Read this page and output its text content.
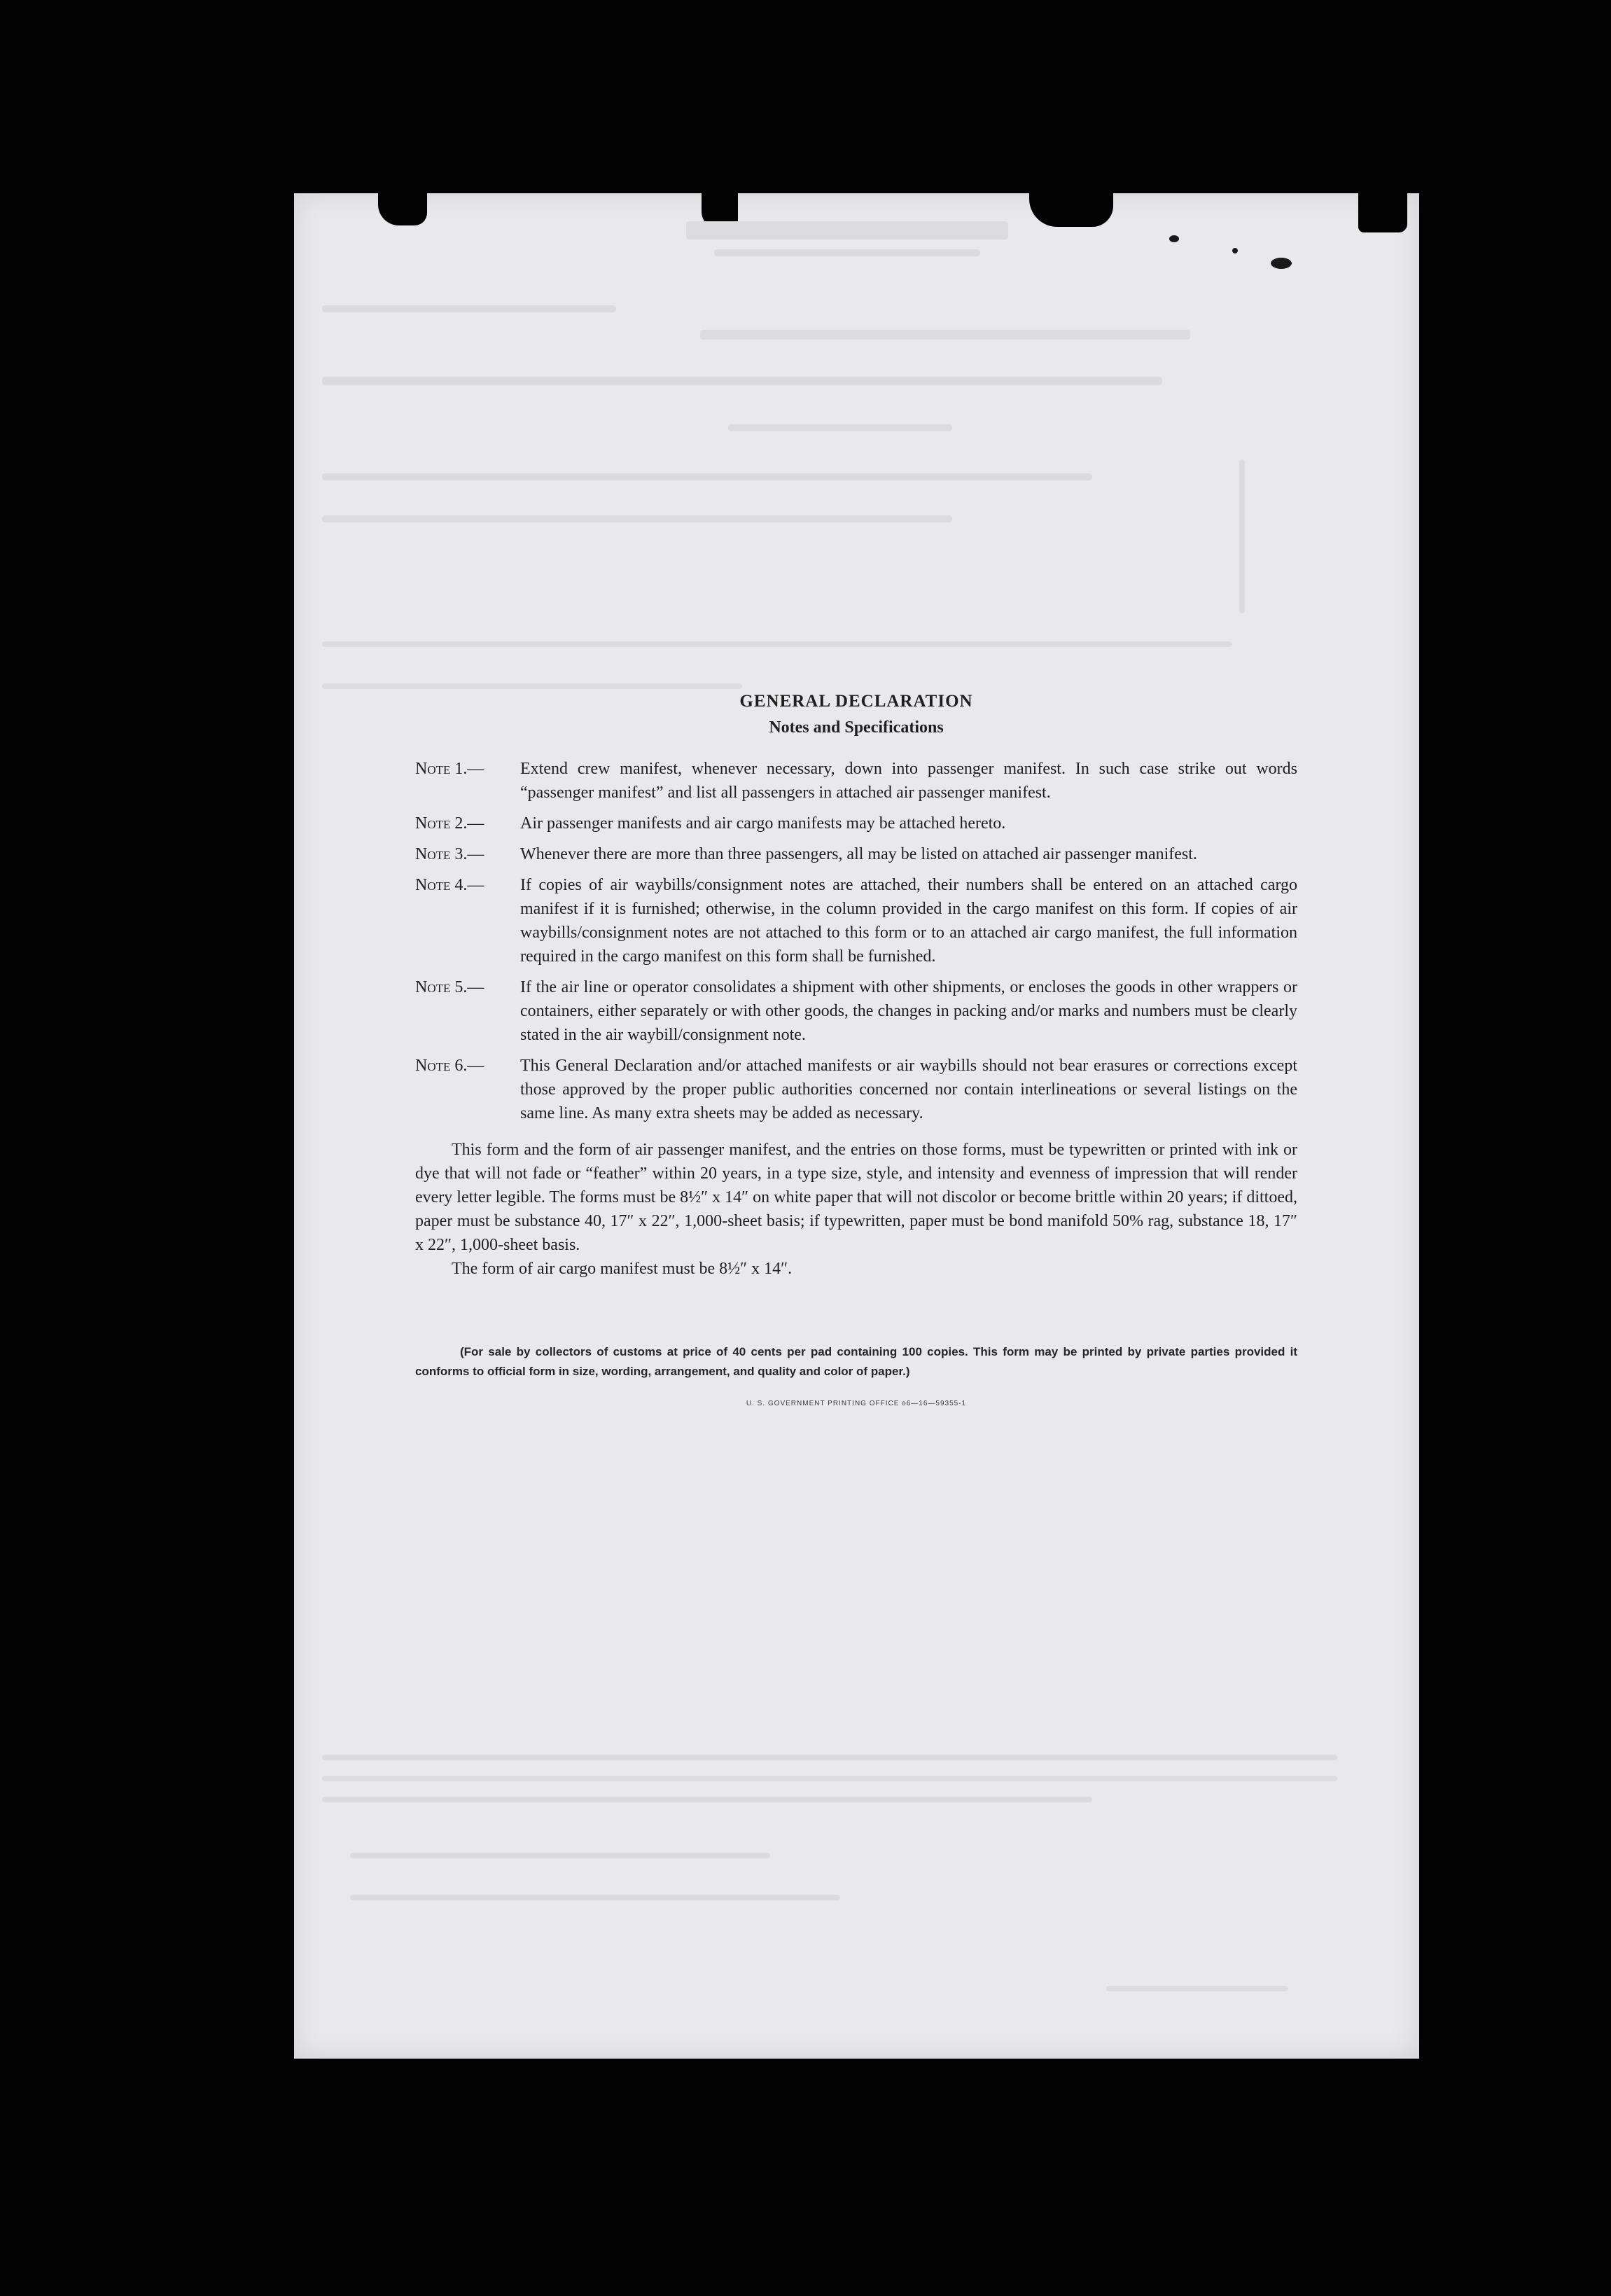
GENERAL DECLARATION
Notes and Specifications
Note 1.—	Extend crew manifest, whenever necessary, down into passenger manifest. In such case strike out words “passenger manifest” and list all passengers in attached air passenger manifest.
Note 2.—	Air passenger manifests and air cargo manifests may be attached hereto.
Note 3.—	Whenever there are more than three passengers, all may be listed on attached air passenger manifest.
Note 4.—	If copies of air waybills/consignment notes are attached, their numbers shall be entered on an attached cargo manifest if it is furnished; otherwise, in the column provided in the cargo manifest on this form. If copies of air waybills/consignment notes are not attached to this form or to an attached air cargo manifest, the full information required in the cargo manifest on this form shall be furnished.
Note 5.—	If the air line or operator consolidates a shipment with other shipments, or encloses the goods in other wrappers or containers, either separately or with other goods, the changes in packing and/or marks and numbers must be clearly stated in the air waybill/consignment note.
Note 6.—	This General Declaration and/or attached manifests or air waybills should not bear erasures or corrections except those approved by the proper public authorities concerned nor contain interlineations or several listings on the same line. As many extra sheets may be added as necessary.

This form and the form of air passenger manifest, and the entries on those forms, must be typewritten or printed with ink or dye that will not fade or “feather” within 20 years, in a type size, style, and intensity and evenness of impression that will render every letter legible. The forms must be 8½″ x 14″ on white paper that will not discolor or become brittle within 20 years; if dittoed, paper must be substance 40, 17″ x 22″, 1,000-sheet basis; if typewritten, paper must be bond manifold 50% rag, substance 18, 17″ x 22″, 1,000-sheet basis.

The form of air cargo manifest must be 8½″ x 14″.

(For sale by collectors of customs at price of 40 cents per pad containing 100 copies. This form may be printed by private parties provided it conforms to official form in size, wording, arrangement, and quality and color of paper.)

U. S. GOVERNMENT PRINTING OFFICE o6—16—59355-1
